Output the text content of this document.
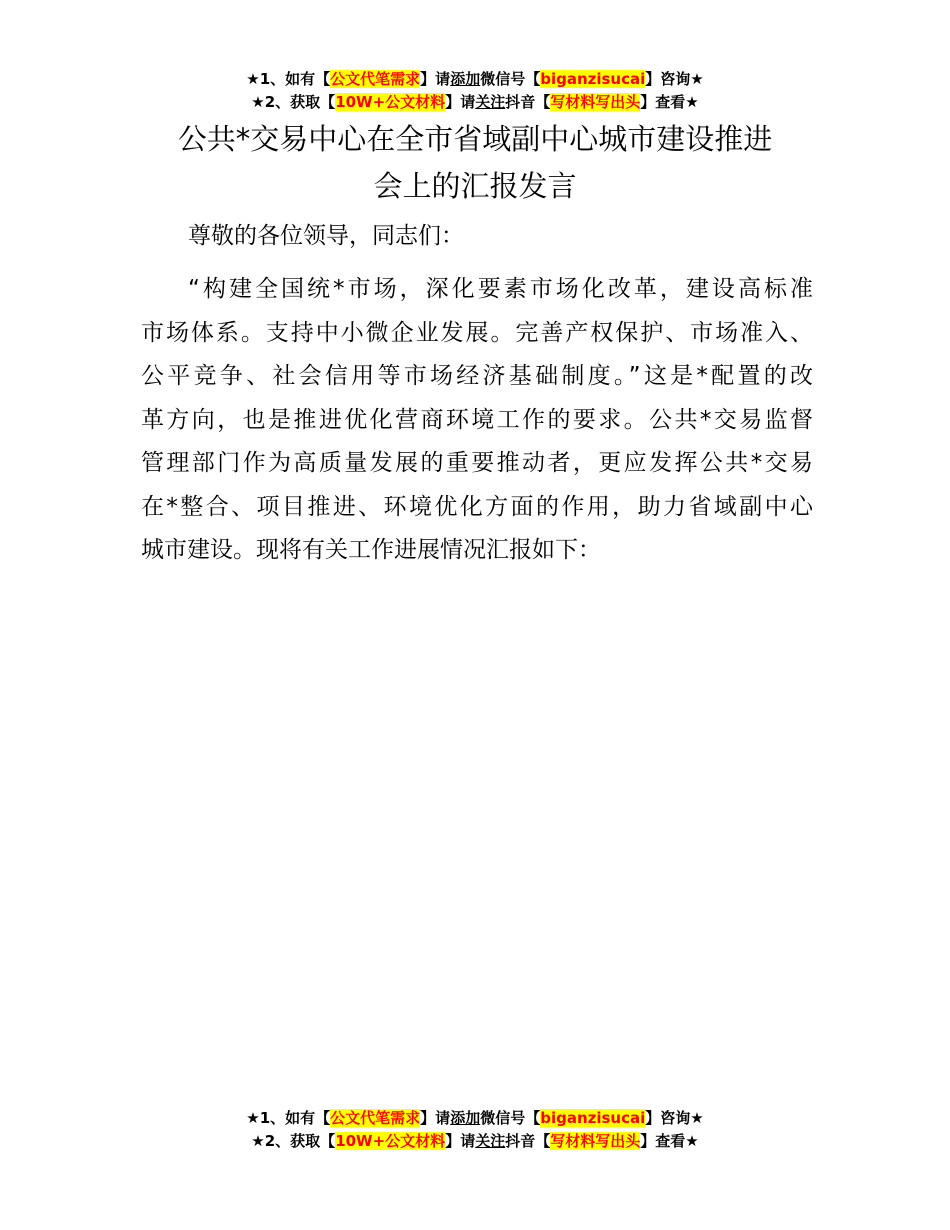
★1、如有【公文代笔需求】请添加微信号【biganzisucai】咨询★
★2、获取【10W+公文材料】请关注抖音【写材料写出头】查看★
公共*交易中心在全市省域副中心城市建设推进
会上的汇报发言

尊敬的各位领导，同志们：

“构建全国统*市场，深化要素市场化改革，建设高标准
市场体系。支持中小微企业发展。完善产权保护、市场准入、
公平竞争、社会信用等市场经济基础制度。”这是*配置的改
革方向，也是推进优化营商环境工作的要求。公共*交易监督
管理部门作为高质量发展的重要推动者，更应发挥公共*交易
在*整合、项目推进、环境优化方面的作用，助力省域副中心
城市建设。现将有关工作进展情况汇报如下：
★1、如有【公文代笔需求】请添加微信号【biganzisucai】咨询★
★2、获取【10W+公文材料】请关注抖音【写材料写出头】查看★
